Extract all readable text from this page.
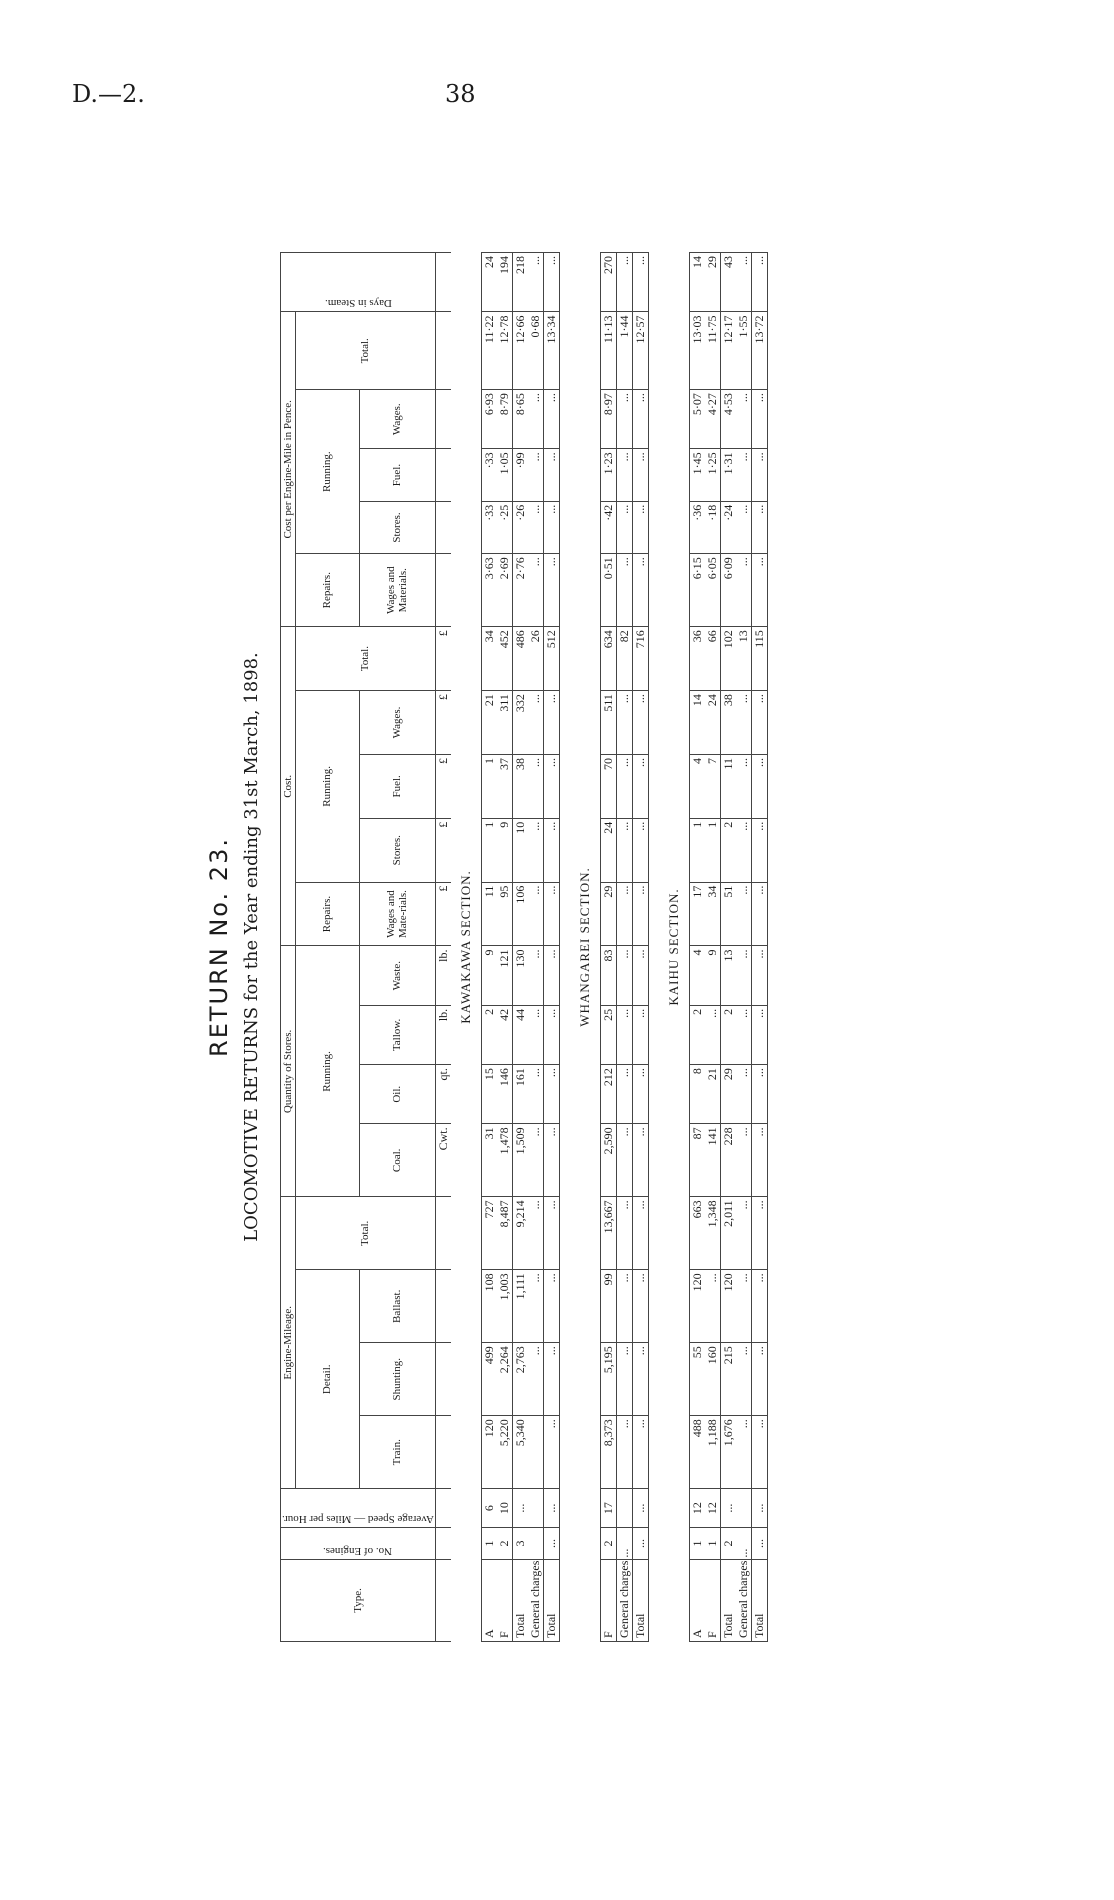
D.—2.	38
RETURN No. 23. LOCOMOTIVE RETURNS for the Year ending 31st March, 1898.
Type.	No. of Engines.	Average Speed — Miles per Hour.	Engine-Mileage.				Quantity of Stores.				Cost.					Cost per Engine-Mile in Pence.					Days in Steam.

			Detail.			Total.	Running.				Repairs.	Running.			Total.	Repairs.	Running.			Total.	
			Train.	Shunting.	Ballast.		Coal.	Oil.	Tallow.	Waste.	Wages and Mate-rials.	Stores.	Fuel.	Wages.		Wages and Materials.	Stores.	Fuel.	Wages.		

							Cwt.	qt.	lb.	lb.	£	£	£	£	£						
KAWAKAWA SECTION.																					
A	1	6	120	499	108	727	31	15	2	9	11	1	1	21	34	3·63	·33	·33	6·93	11·22	24
F	2	10	5,220	2,264	1,003	8,487	1,478	146	42	121	95	9	37	311	452	2·69	·25	1·05	8·79	12·78	194
Total	3	...	5,340	2,763	1,111	9,214	1,509	161	44	130	106	10	38	332	486	2·76	·26	·99	8·65	12·66	218
General charges				...	...	...	...	...	...	...	...	...	...	...	26	...	...	...	...	0·68	...
Total	...	...	...	...	...	...	...	...	...	...	...	...	...	...	512	...	...	...	...	13·34	...

WHANGAREI SECTION.																					
F	2	17	8,373	5,195	99	13,667	2,590	212	25	83	29	24	70	511	634	0·51	·42	1·23	8·97	11·13	270
General charges ...			...	...	...	...	...	...	...	...	...	...	...	...	82	...	...	...	...	1·44	...
Total	...	...	...	...	...	...	...	...	...	...	...	...	...	...	716	...	...	...	...	12·57	...

KAIHU SECTION.																					
A	1	12	488	55	120	663	87	8	2	4	17	1	4	14	36	6·15	·36	1·45	5·07	13·03	14
F	1	12	1,188	160	...	1,348	141	21	...	9	34	1	7	24	66	6·05	·18	1·25	4·27	11·75	29
Total	2	...	1,676	215	120	2,011	228	29	2	13	51	2	11	38	102	6·09	·24	1·31	4·53	12·17	43
General charges ...			...	...	...	...	...	...	...	...	...	...	...	...	13	...	...	...	...	1·55	...
Total	...	...	...	...	...	...	...	...	...	...	...	...	...	...	115	...	...	...	...	13·72	...
